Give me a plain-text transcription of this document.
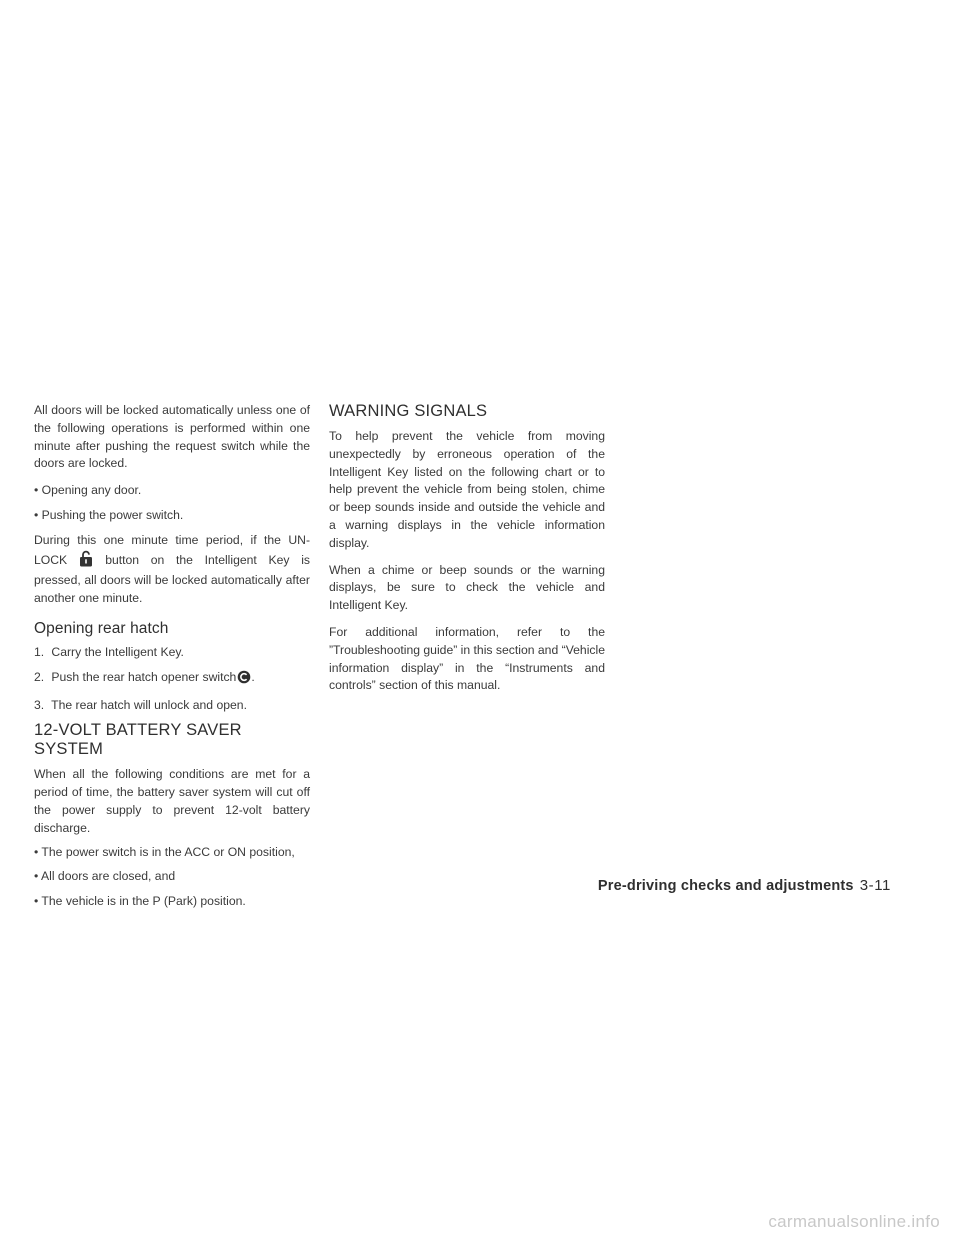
All doors will be locked automatically unless one of the following operations is performed within one minute after pushing the request switch while the doors are locked.

• Opening any door.
• Pushing the power switch.

During this one minute time period, if the UN-LOCK	button on the Intelligent Key is pressed, all doors will be locked automatically after another one minute.

Opening rear hatch
1. Carry the Intelligent Key.
2. Push the rear hatch opener switch .
3. The rear hatch will unlock and open.
12-VOLT BATTERY SAVER SYSTEM

When all the following conditions are met for a period of time, the battery saver system will cut off the power supply to prevent 12-volt battery discharge.

• The power switch is in the ACC or ON position,
• All doors are closed, and
• The vehicle is in the P (Park) position.
WARNING SIGNALS

To help prevent the vehicle from moving unexpectedly by erroneous operation of the Intelligent Key listed on the following chart or to help prevent the vehicle from being stolen, chime or beep sounds inside and outside the vehicle and a warning displays in the vehicle information display.

When a chime or beep sounds or the warning displays, be sure to check the vehicle and Intelligent Key.

For additional information, refer to the ”Troubleshooting guide” in this section and “Vehicle information display” in the “Instruments and controls” section of this manual.

Pre-driving checks and adjustments 3-11
carmanualsonline.info
